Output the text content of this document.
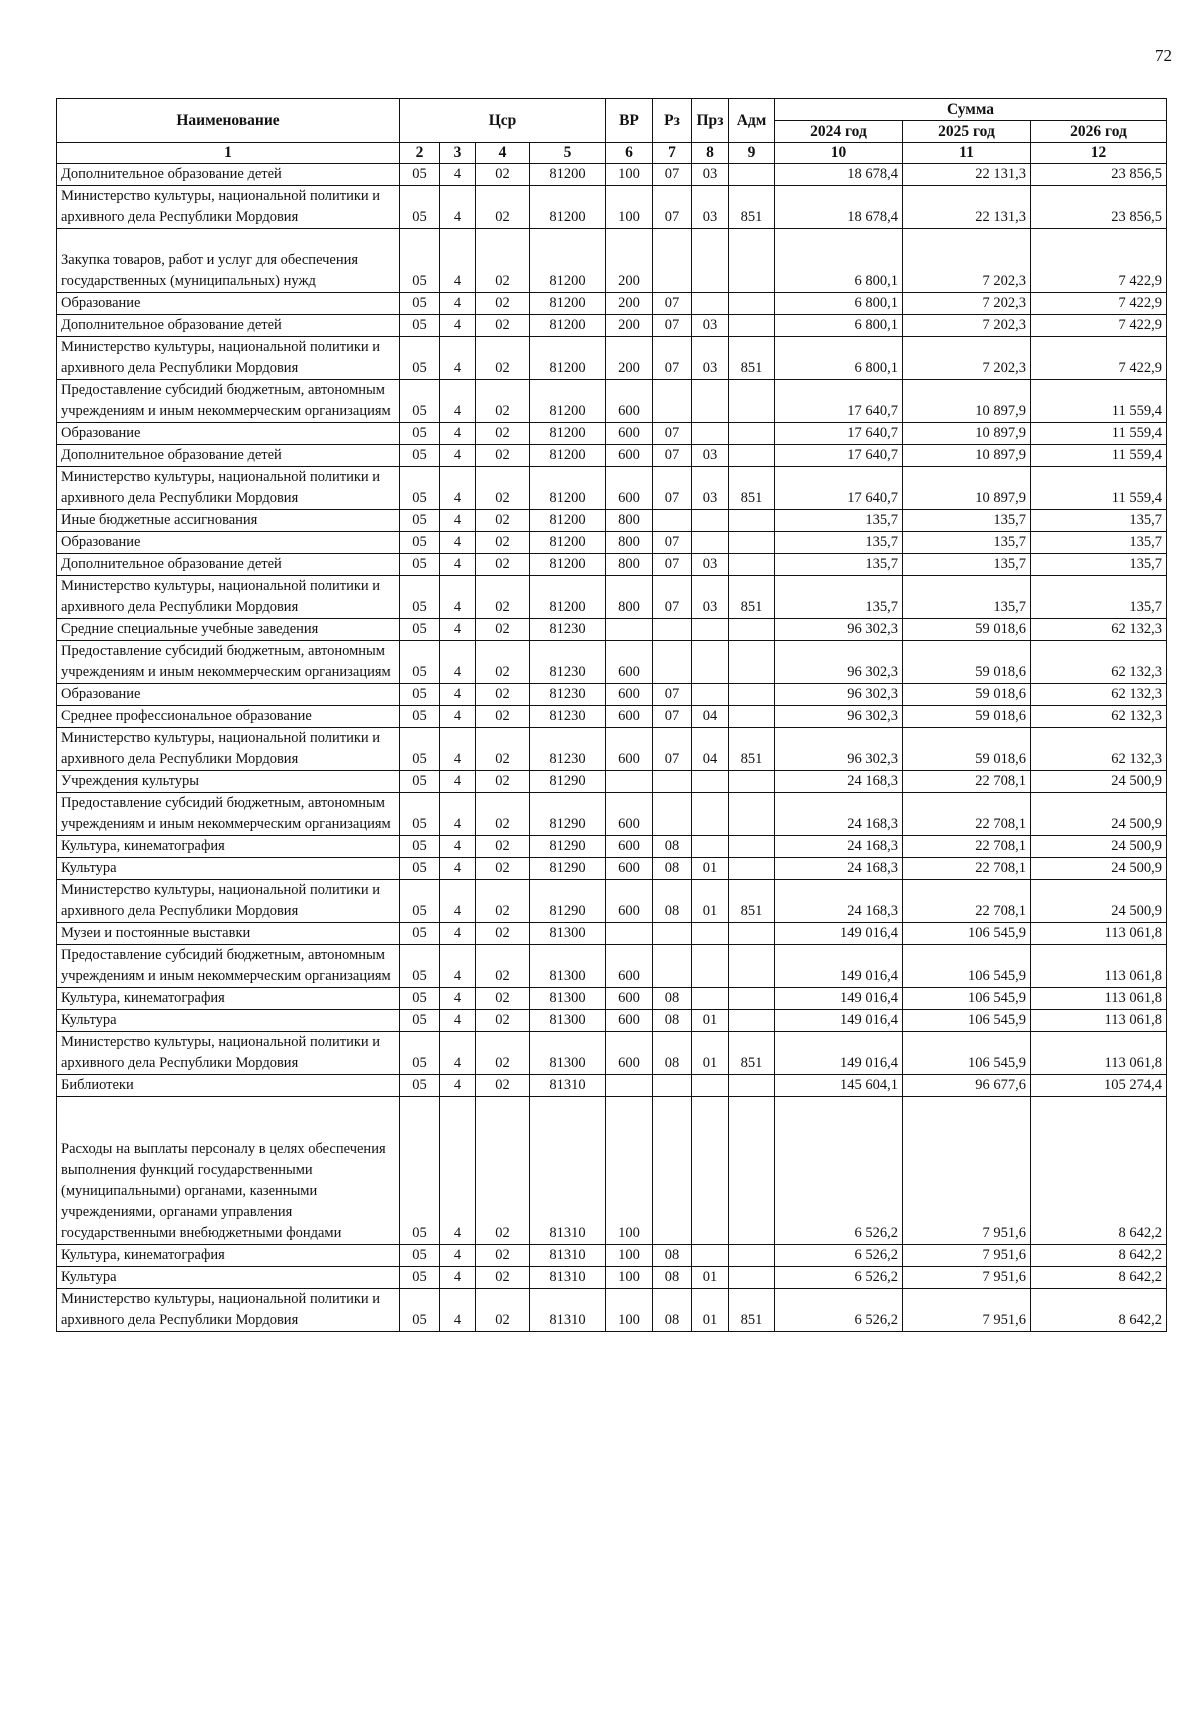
72
Наименование	Цср				ВР	Рз	Прз	Адм	Сумма		
									2024 год	2025 год	2026 год
1	2	3	4	5	6	7	8	9	10	11	12
Дополнительное образование детей	05	4	02	81200	100	07	03		18 678,4	22 131,3	23 856,5
Министерство культуры, национальной политики и архивного дела Республики Мордовия	05	4	02	81200	100	07	03	851	18 678,4	22 131,3	23 856,5
Закупка товаров, работ и услуг для обеспечения государственных (муниципальных) нужд	05	4	02	81200	200				6 800,1	7 202,3	7 422,9
Образование	05	4	02	81200	200	07			6 800,1	7 202,3	7 422,9
Дополнительное образование детей	05	4	02	81200	200	07	03		6 800,1	7 202,3	7 422,9
Министерство культуры, национальной политики и архивного дела Республики Мордовия	05	4	02	81200	200	07	03	851	6 800,1	7 202,3	7 422,9
Предоставление субсидий бюджетным, автономным учреждениям и иным некоммерческим организациям	05	4	02	81200	600				17 640,7	10 897,9	11 559,4
Образование	05	4	02	81200	600	07			17 640,7	10 897,9	11 559,4
Дополнительное образование детей	05	4	02	81200	600	07	03		17 640,7	10 897,9	11 559,4
Министерство культуры, национальной политики и архивного дела Республики Мордовия	05	4	02	81200	600	07	03	851	17 640,7	10 897,9	11 559,4
Иные бюджетные ассигнования	05	4	02	81200	800				135,7	135,7	135,7
Образование	05	4	02	81200	800	07			135,7	135,7	135,7
Дополнительное образование детей	05	4	02	81200	800	07	03		135,7	135,7	135,7
Министерство культуры, национальной политики и архивного дела Республики Мордовия	05	4	02	81200	800	07	03	851	135,7	135,7	135,7
Средние специальные учебные заведения	05	4	02	81230					96 302,3	59 018,6	62 132,3
Предоставление субсидий бюджетным, автономным учреждениям и иным некоммерческим организациям	05	4	02	81230	600				96 302,3	59 018,6	62 132,3
Образование	05	4	02	81230	600	07			96 302,3	59 018,6	62 132,3
Среднее профессиональное образование	05	4	02	81230	600	07	04		96 302,3	59 018,6	62 132,3
Министерство культуры, национальной политики и архивного дела Республики Мордовия	05	4	02	81230	600	07	04	851	96 302,3	59 018,6	62 132,3
Учреждения культуры	05	4	02	81290					24 168,3	22 708,1	24 500,9
Предоставление субсидий бюджетным, автономным учреждениям и иным некоммерческим организациям	05	4	02	81290	600				24 168,3	22 708,1	24 500,9
Культура, кинематография	05	4	02	81290	600	08			24 168,3	22 708,1	24 500,9
Культура	05	4	02	81290	600	08	01		24 168,3	22 708,1	24 500,9
Министерство культуры, национальной политики и архивного дела Республики Мордовия	05	4	02	81290	600	08	01	851	24 168,3	22 708,1	24 500,9
Музеи и постоянные выставки	05	4	02	81300					149 016,4	106 545,9	113 061,8
Предоставление субсидий бюджетным, автономным учреждениям и иным некоммерческим организациям	05	4	02	81300	600				149 016,4	106 545,9	113 061,8
Культура, кинематография	05	4	02	81300	600	08			149 016,4	106 545,9	113 061,8
Культура	05	4	02	81300	600	08	01		149 016,4	106 545,9	113 061,8
Министерство культуры, национальной политики и архивного дела Республики Мордовия	05	4	02	81300	600	08	01	851	149 016,4	106 545,9	113 061,8
Библиотеки	05	4	02	81310					145 604,1	96 677,6	105 274,4
Расходы на выплаты персоналу в целях обеспечения выполнения функций государственными (муниципальными) органами, казенными учреждениями, органами управления государственными внебюджетными фондами	05	4	02	81310	100				6 526,2	7 951,6	8 642,2
Культура, кинематография	05	4	02	81310	100	08			6 526,2	7 951,6	8 642,2
Культура	05	4	02	81310	100	08	01		6 526,2	7 951,6	8 642,2
Министерство культуры, национальной политики и архивного дела Республики Мордовия	05	4	02	81310	100	08	01	851	6 526,2	7 951,6	8 642,2
